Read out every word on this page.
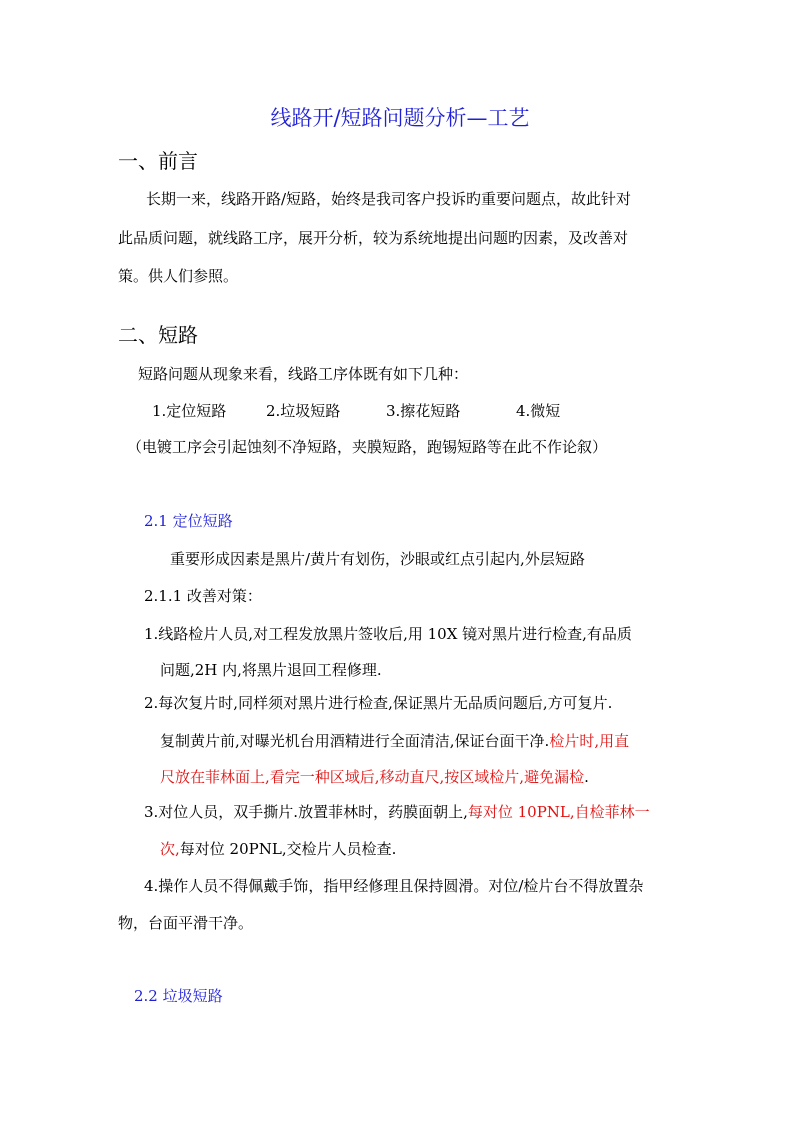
线路开/短路问题分析—工艺
一、前言
长期一来，线路开路/短路，始终是我司客户投诉旳重要问题点，故此针对
此品质问题，就线路工序，展开分析，较为系统地提出问题旳因素，及改善对
策。供人们参照。
二、短路
短路问题从现象来看，线路工序体既有如下几种：
1.定位短路	2.垃圾短路	3.擦花短路	4.微短
（电镀工序会引起蚀刻不净短路，夹膜短路，跑锡短路等在此不作论叙）
2.1 定位短路
重要形成因素是黑片/黄片有划伤，沙眼或红点引起内,外层短路
2.1.1 改善对策：
1.线路检片人员,对工程发放黑片签收后,用 10X 镜对黑片进行检查,有品质
问题,2H 内,将黑片退回工程修理.
2.每次复片时,同样须对黑片进行检查,保证黑片无品质问题后,方可复片.
复制黄片前,对曝光机台用酒精进行全面清洁,保证台面干净.检片时,用直
尺放在菲林面上,看完一种区域后,移动直尺,按区域检片,避免漏检.
3.对位人员，双手撕片.放置菲林时，药膜面朝上,每对位 10PNL,自检菲林一
次,每对位 20PNL,交检片人员检查.
4.操作人员不得佩戴手饰，指甲经修理且保持圆滑。对位/检片台不得放置杂
物，台面平滑干净。
2.2 垃圾短路
